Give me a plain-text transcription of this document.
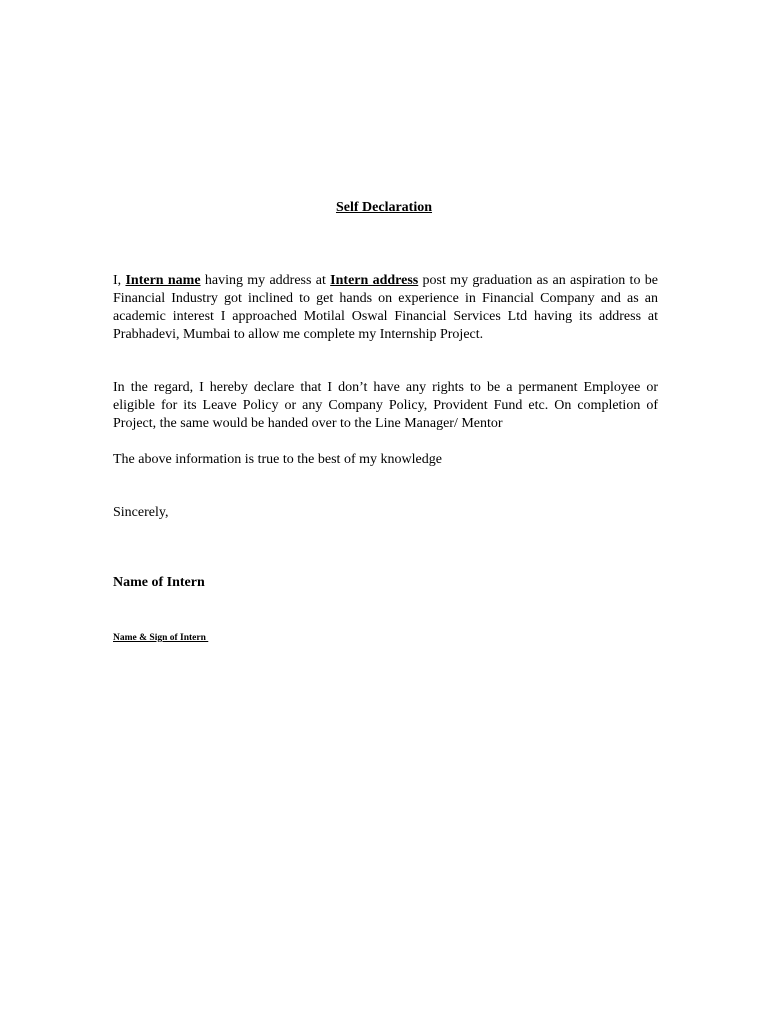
Self Declaration

I, Intern name having my address at Intern address post my graduation as an aspiration to be Financial Industry got inclined to get hands on experience in Financial Company and as an academic interest I approached Motilal Oswal Financial Services Ltd having its address at Prabhadevi, Mumbai to allow me complete my Internship Project.

In the regard, I hereby declare that I don’t have any rights to be a permanent Employee or eligible for its Leave Policy or any Company Policy, Provident Fund etc. On completion of Project, the same would be handed over to the Line Manager/ Mentor

The above information is true to the best of my knowledge

Sincerely,

Name of Intern

Name & Sign of Intern
